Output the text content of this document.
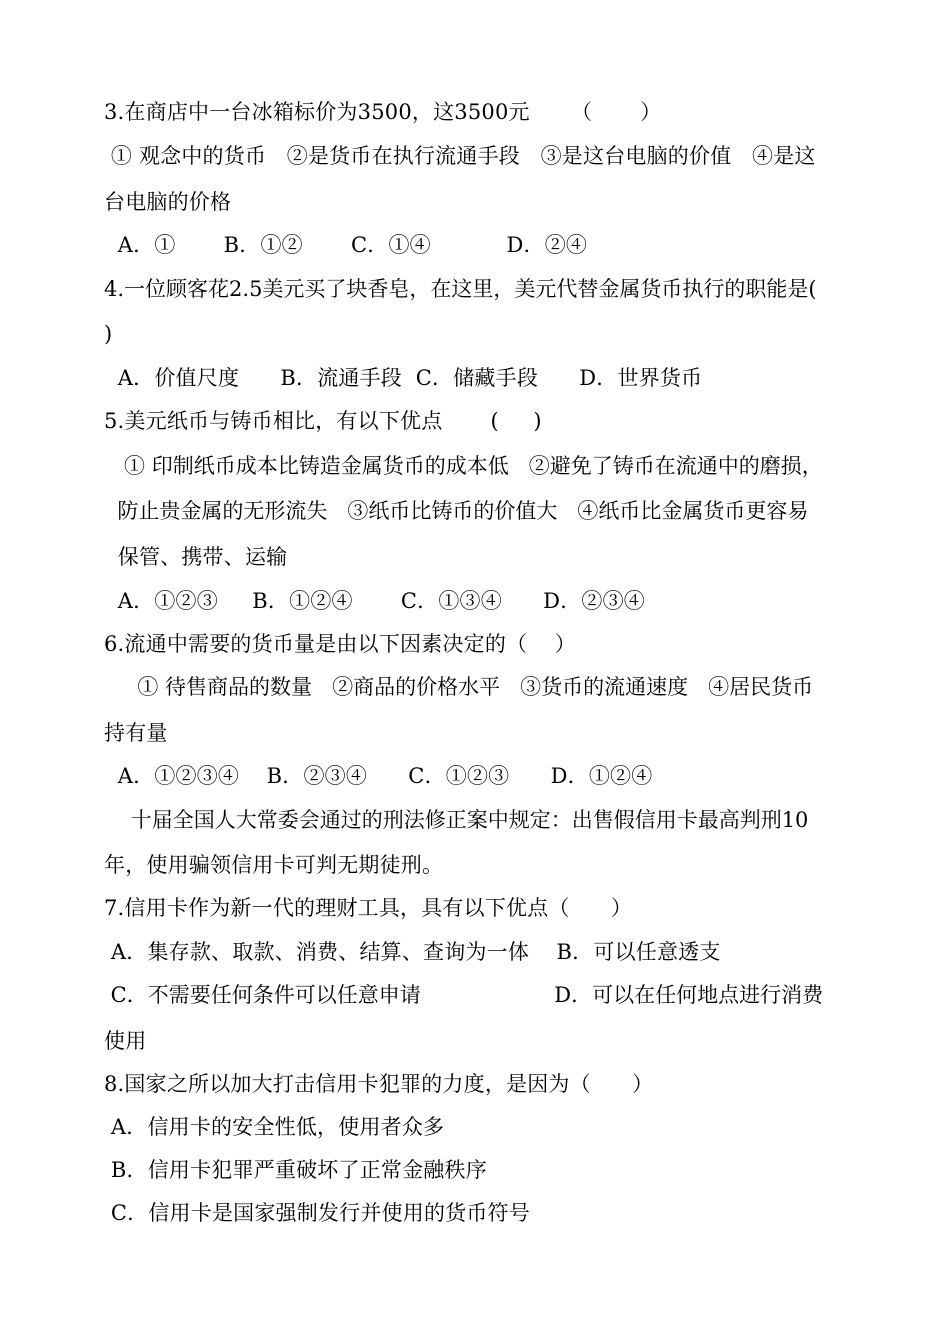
3.在商店中一台冰箱标价为3500，这3500元      （       ）
① 观念中的货币   ②是货币在执行流通手段   ③是这台电脑的价值   ④是这
台电脑的价格
A．①       B．①②       C．①④           D．②④
4.一位顾客花2.5美元买了块香皂，在这里，美元代替金属货币执行的职能是(
)
A．价值尺度      B．流通手段  C．储藏手段      D．世界货币
5.美元纸币与铸币相比，有以下优点       (     )
① 印制纸币成本比铸造金属货币的成本低   ②避免了铸币在流通中的磨损，
防止贵金属的无形流失   ③纸币比铸币的价值大   ④纸币比金属货币更容易
保管、携带、运输
A．①②③     B．①②④       C．①③④      D．②③④
6.流通中需要的货币量是由以下因素决定的（    ）
① 待售商品的数量   ②商品的价格水平   ③货币的流通速度   ④居民货币
持有量
A．①②③④    B．②③④      C．①②③      D．①②④
十届全国人大常委会通过的刑法修正案中规定：出售假信用卡最高判刑10
年，使用骗领信用卡可判无期徒刑。
7.信用卡作为新一代的理财工具，具有以下优点（      ）
A．集存款、取款、消费、结算、查询为一体    B．可以任意透支
C．不需要任何条件可以任意申请                    D．可以在任何地点进行消费
使用
8.国家之所以加大打击信用卡犯罪的力度，是因为（      ）
A．信用卡的安全性低，使用者众多
B．信用卡犯罪严重破坏了正常金融秩序
C．信用卡是国家强制发行并使用的货币符号
